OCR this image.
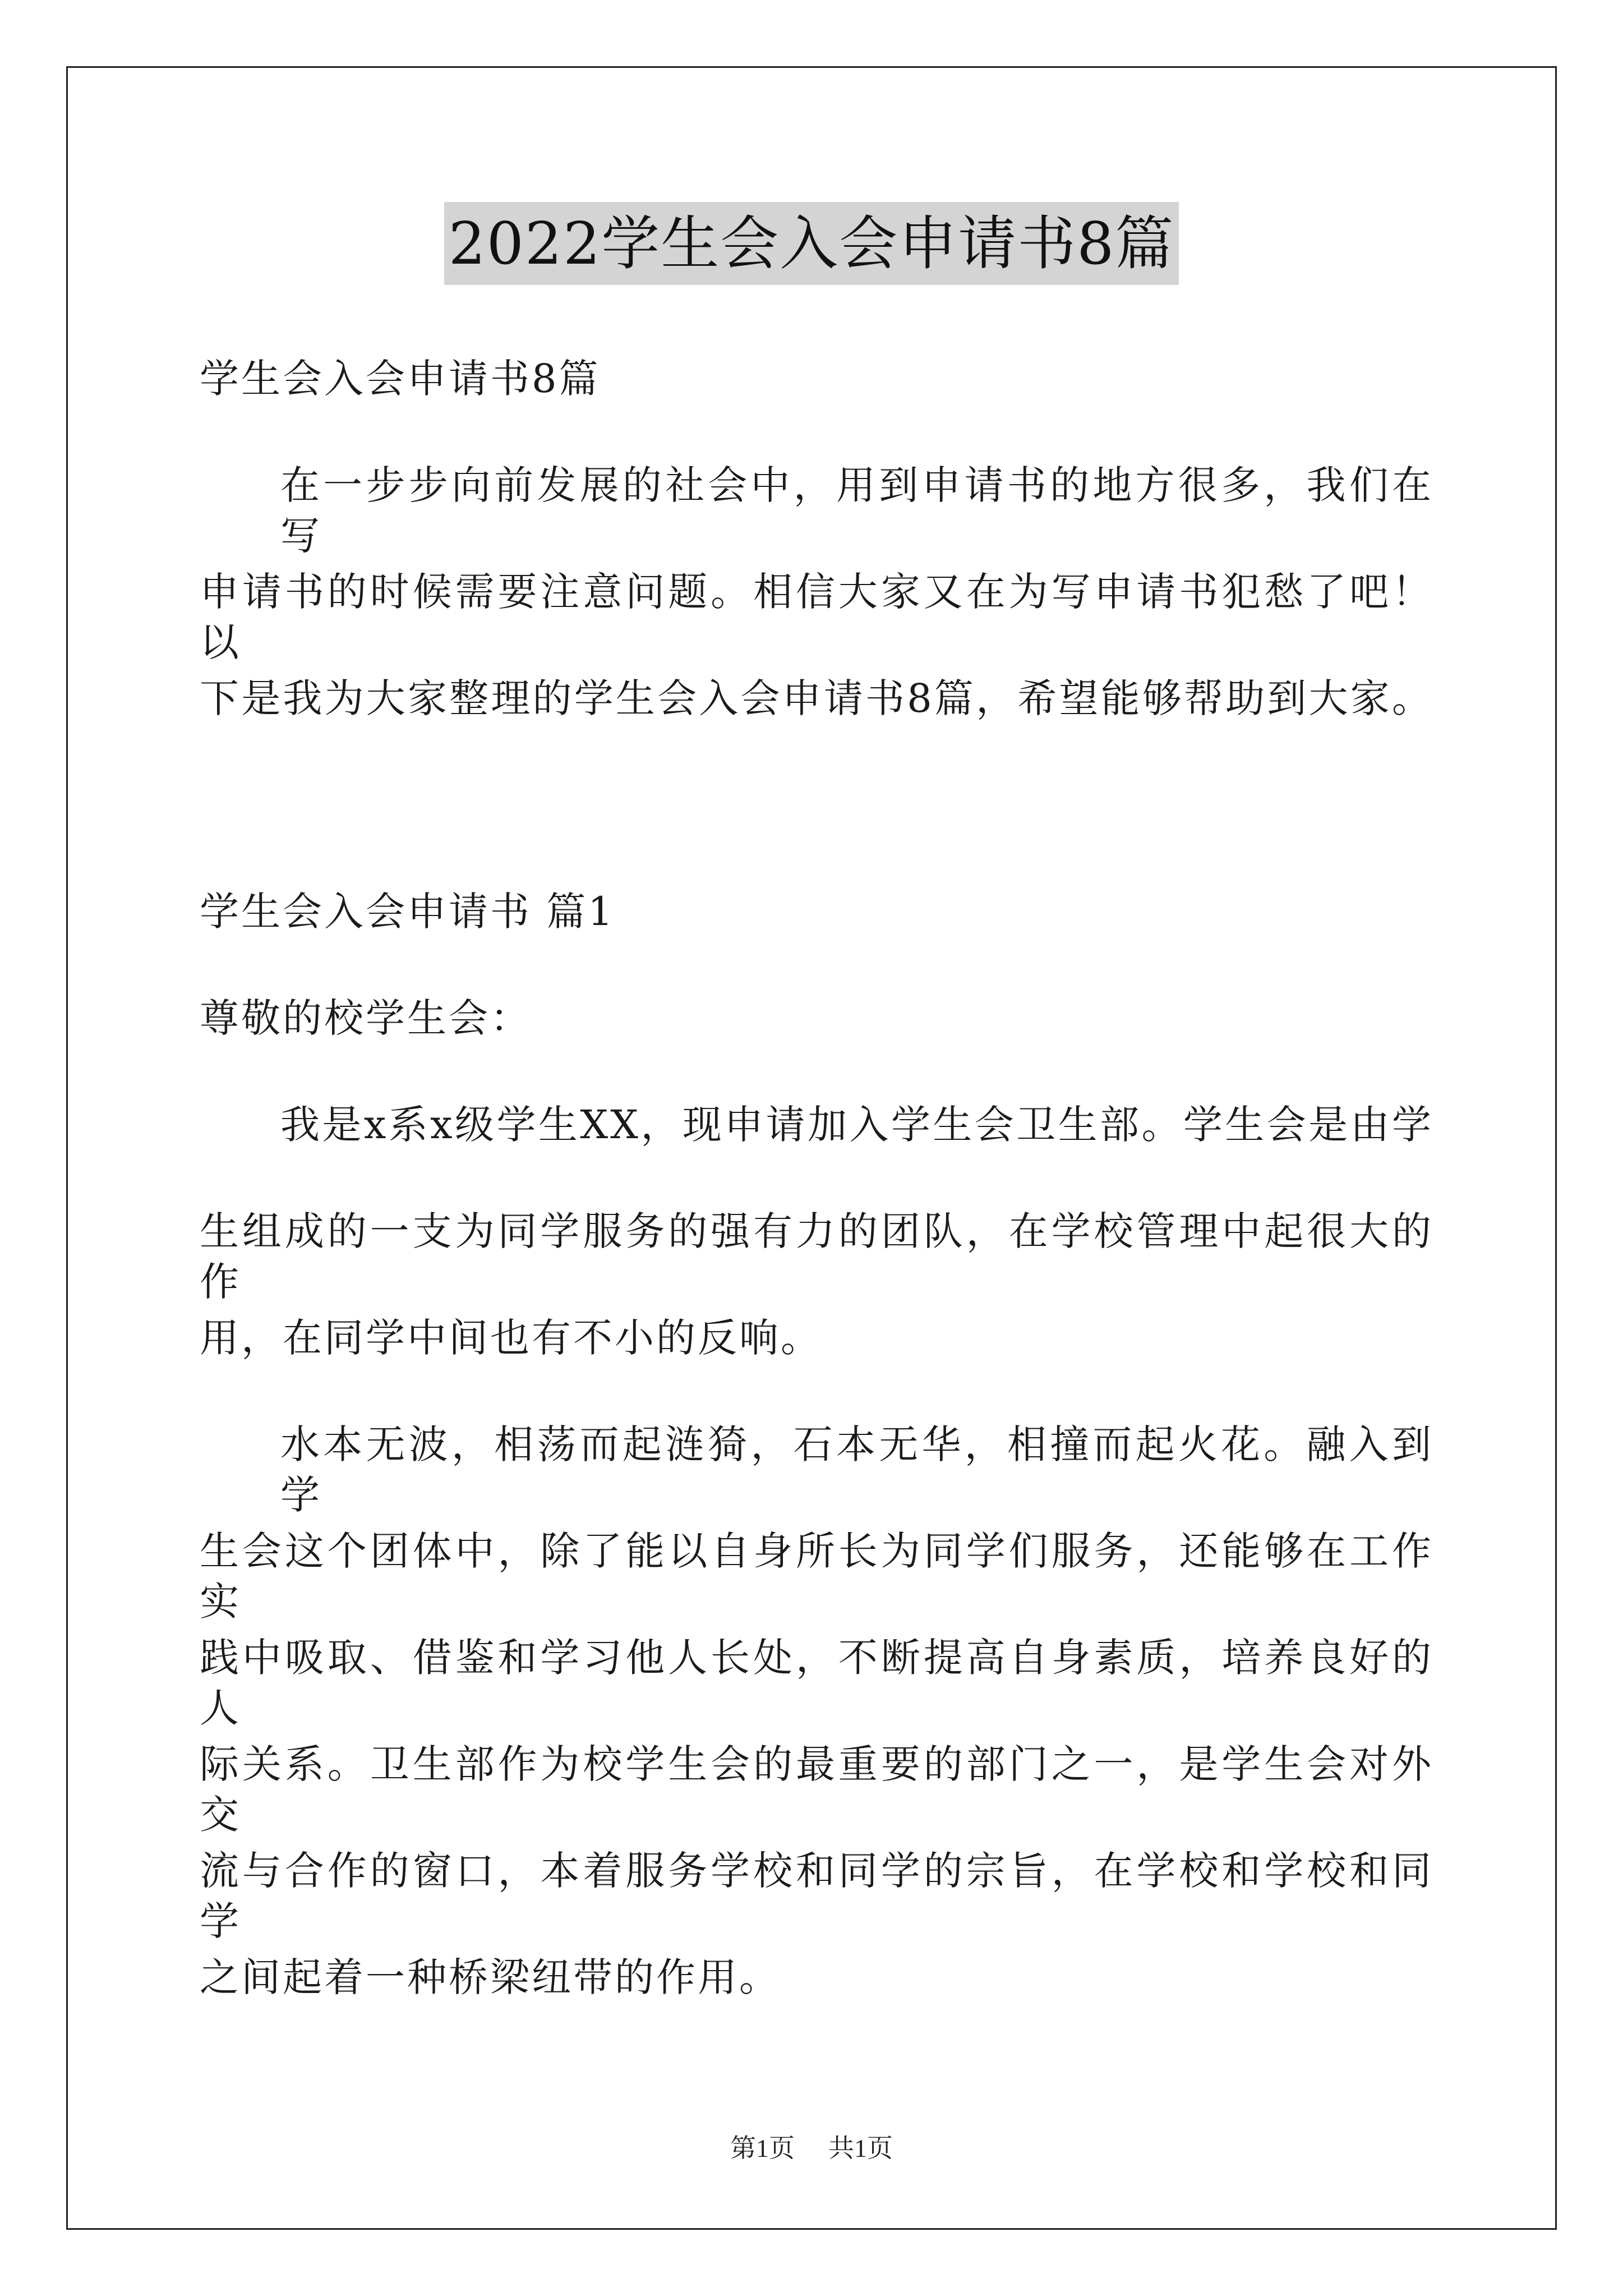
2022学生会入会申请书8篇
学生会入会申请书8篇
在一步步向前发展的社会中，用到申请书的地方很多，我们在写
申请书的时候需要注意问题。相信大家又在为写申请书犯愁了吧！以
下是我为大家整理的学生会入会申请书8篇，希望能够帮助到大家。
学生会入会申请书 篇1
尊敬的校学生会：
我是x系x级学生XX，现申请加入学生会卫生部。学生会是由学
生组成的一支为同学服务的强有力的团队，在学校管理中起很大的作
用，在同学中间也有不小的反响。
水本无波，相荡而起涟猗，石本无华，相撞而起火花。融入到学
生会这个团体中，除了能以自身所长为同学们服务，还能够在工作实
践中吸取、借鉴和学习他人长处，不断提高自身素质，培养良好的人
际关系。卫生部作为校学生会的最重要的部门之一，是学生会对外交
流与合作的窗口，本着服务学校和同学的宗旨，在学校和学校和同学
之间起着一种桥梁纽带的作用。
第1页 共1页
